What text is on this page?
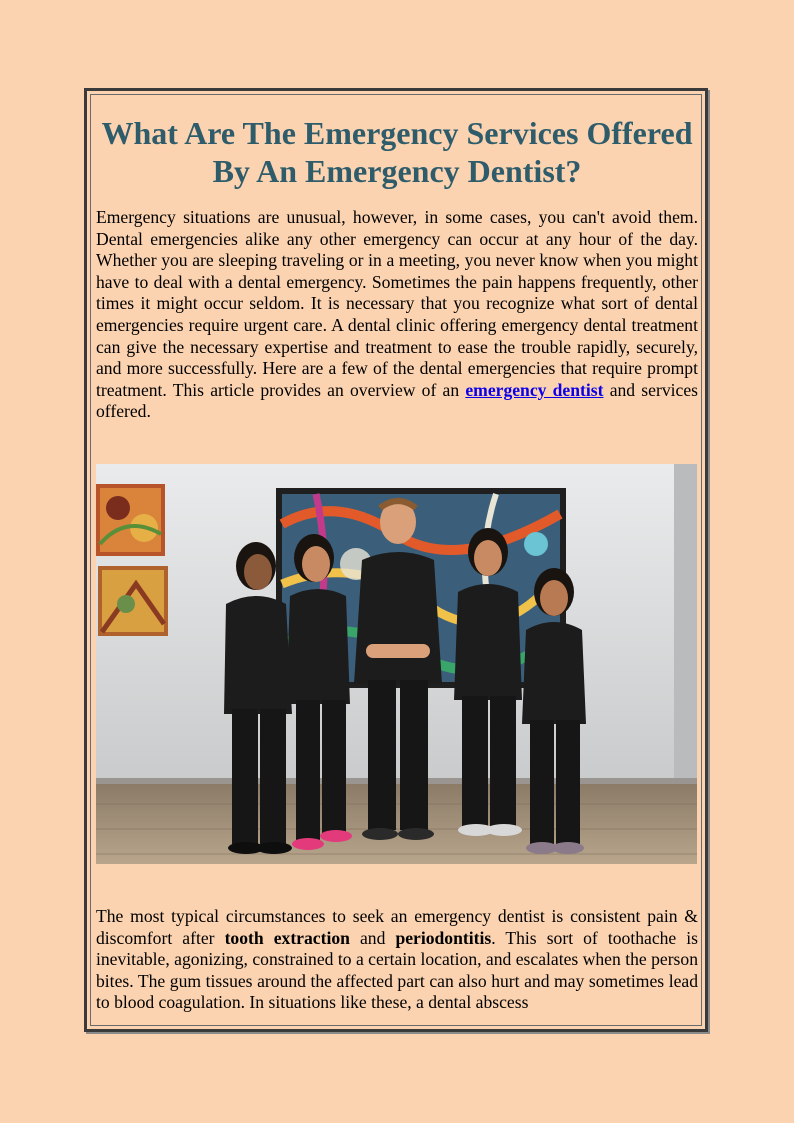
What Are The Emergency Services Offered By An Emergency Dentist?

Emergency situations are unusual, however, in some cases, you can't avoid them. Dental emergencies alike any other emergency can occur at any hour of the day. Whether you are sleeping traveling or in a meeting, you never know when you might have to deal with a dental emergency. Sometimes the pain happens frequently, other times it might occur seldom. It is necessary that you recognize what sort of dental emergencies require urgent care. A dental clinic offering emergency dental treatment can give the necessary expertise and treatment to ease the trouble rapidly, securely, and more successfully. Here are a few of the dental emergencies that require prompt treatment. This article provides an overview of an emergency dentist and services offered.

The most typical circumstances to seek an emergency dentist is consistent pain & discomfort after tooth extraction and periodontitis. This sort of toothache is inevitable, agonizing, constrained to a certain location, and escalates when the person bites. The gum tissues around the affected part can also hurt and may sometimes lead to blood coagulation. In situations like these, a dental abscess
